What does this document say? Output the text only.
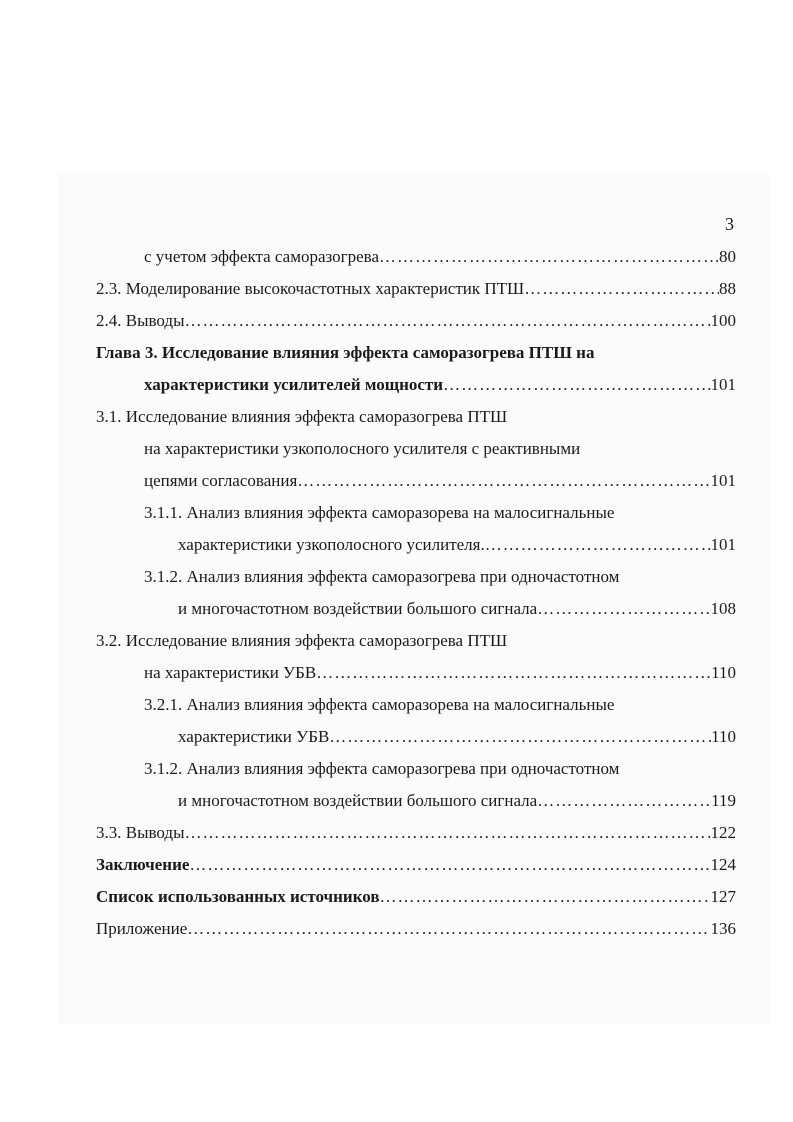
3
с учетом эффекта саморазогрева ……………………………………………………………………………………………………………………………………	80
2.3. Моделирование высокочастотных характеристик ПТШ ……………………………………………………………………………………………………………………………………	88
2.4. Выводы ……………………………………………………………………………………………………………………………………	100
Глава 3. Исследование влияния эффекта саморазогрева ПТШ на
характеристики усилителей мощности ……………………………………………………………………………………………………………………………………	101
3.1. Исследование влияния эффекта саморазогрева ПТШ
на характеристики узкополосного усилителя с реактивными
цепями согласования ……………………………………………………………………………………………………………………………………	101
3.1.1. Анализ влияния эффекта саморазорева на малосигнальные
характеристики узкополосного усилителя. ……………………………………………………………………………………………………………………………………	101
3.1.2. Анализ влияния эффекта саморазогрева при одночастотном
и многочастотном воздействии большого сигнала ……………………………………………………………………………………………………………………………………	108
3.2. Исследование влияния эффекта саморазогрева ПТШ
на характеристики УБВ ……………………………………………………………………………………………………………………………………	110
3.2.1. Анализ влияния эффекта саморазорева на малосигнальные
характеристики УБВ ……………………………………………………………………………………………………………………………………	110
3.1.2. Анализ влияния эффекта саморазогрева при одночастотном
и многочастотном воздействии большого сигнала ……………………………………………………………………………………………………………………………………	119
3.3. Выводы ……………………………………………………………………………………………………………………………………	122
Заключение ……………………………………………………………………………………………………………………………………	124
Список использованных источников ……………………………………………………………………………………………………………………………………	127
Приложение ……………………………………………………………………………………………………………………………………	136
